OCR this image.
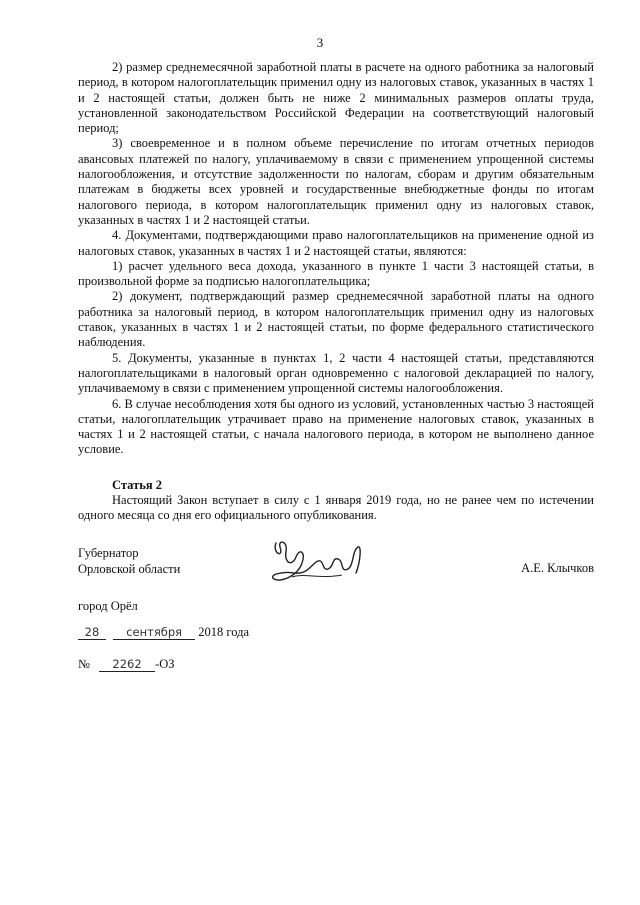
3

2) размер среднемесячной заработной платы в расчете на одного работника за налоговый период, в котором налогоплательщик применил одну из налоговых ставок, указанных в частях 1 и 2 настоящей статьи, должен быть не ниже 2 минимальных размеров оплаты труда, установленной законодательством Российской Федерации на соответствующий налоговый период;

3) своевременное и в полном объеме перечисление по итогам отчетных периодов авансовых платежей по налогу, уплачиваемому в связи с применением упрощенной системы налогообложения, и отсутствие задолженности по налогам, сборам и другим обязательным платежам в бюджеты всех уровней и государственные внебюджетные фонды по итогам налогового периода, в котором налогоплательщик применил одну из налоговых ставок, указанных в частях 1 и 2 настоящей статьи.

4. Документами, подтверждающими право налогоплательщиков на применение одной из налоговых ставок, указанных в частях 1 и 2 настоящей статьи, являются:

1) расчет удельного веса дохода, указанного в пункте 1 части 3 настоящей статьи, в произвольной форме за подписью налогоплательщика;

2) документ, подтверждающий размер среднемесячной заработной платы на одного работника за налоговый период, в котором налогоплательщик применил одну из налоговых ставок, указанных в частях 1 и 2 настоящей статьи, по форме федерального статистического наблюдения.

5. Документы, указанные в пунктах 1, 2 части 4 настоящей статьи, представляются налогоплательщиками в налоговый орган одновременно с налоговой декларацией по налогу, уплачиваемому в связи с применением упрощенной системы налогообложения.

6. В случае несоблюдения хотя бы одного из условий, установленных частью 3 настоящей статьи, налогоплательщик утрачивает право на применение налоговых ставок, указанных в частях 1 и 2 настоящей статьи, с начала налогового периода, в котором не выполнено данное условие.

Статья 2

Настоящий Закон вступает в силу с 1 января 2019 года, но не ранее чем по истечении одного месяца со дня его официального опубликования.

Губернатор
Орловской области	А.Е. Клычков
город Орёл
28 сентября 2018 года
№ 2262 -ОЗ
